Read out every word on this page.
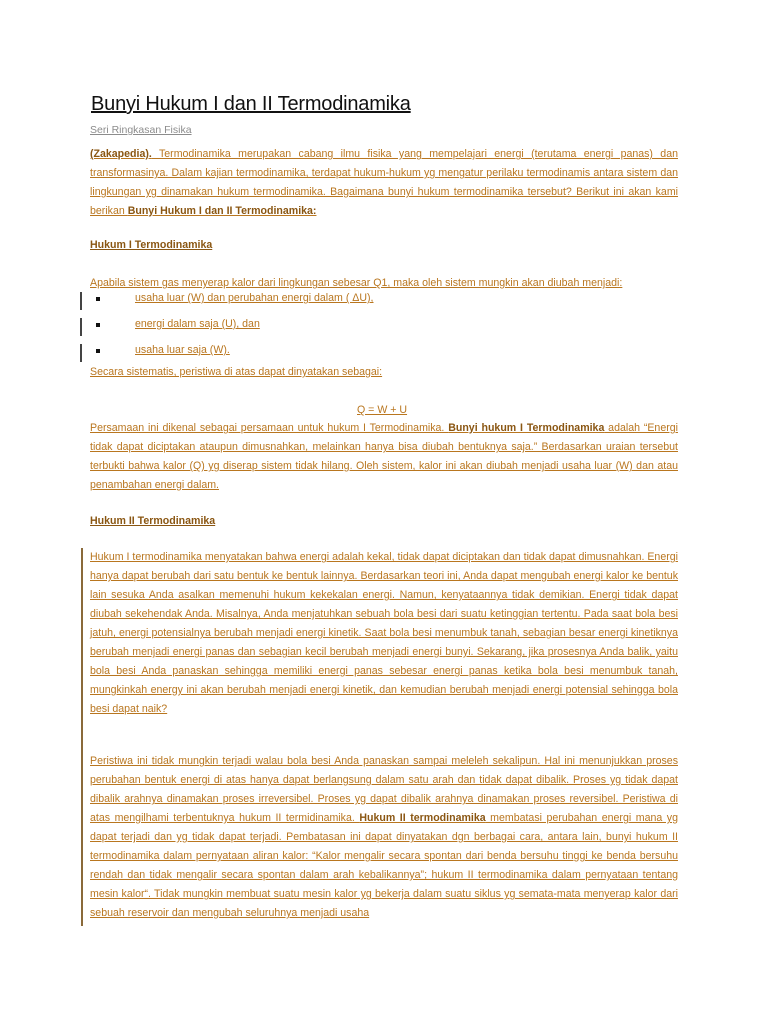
Bunyi Hukum I dan II Termodinamika
Seri Ringkasan Fisika

(Zakapedia). Termodinamika merupakan cabang ilmu fisika yang mempelajari energi (terutama energi panas) dan transformasinya. Dalam kajian termodinamika, terdapat hukum-hukum yg mengatur perilaku termodinamis antara sistem dan lingkungan yg dinamakan hukum termodinamika. Bagaimana bunyi hukum termodinamika tersebut? Berikut ini akan kami berikan Bunyi Hukum I dan II Termodinamika:

Hukum I Termodinamika
Apabila sistem gas menyerap kalor dari lingkungan sebesar Q1, maka oleh sistem mungkin akan diubah menjadi:
usaha luar (W) dan perubahan energi dalam ( ΔU),
energi dalam saja (U), dan
usaha luar saja (W).
Secara sistematis, peristiwa di atas dapat dinyatakan sebagai:
Q = W + U

Persamaan ini dikenal sebagai persamaan untuk hukum I Termodinamika. Bunyi hukum I Termodinamika adalah “Energi tidak dapat diciptakan ataupun dimusnahkan, melainkan hanya bisa diubah bentuknya saja.” Berdasarkan uraian tersebut terbukti bahwa kalor (Q) yg diserap sistem tidak hilang. Oleh sistem, kalor ini akan diubah menjadi usaha luar (W) dan atau penambahan energi dalam.

Hukum II Termodinamika

Hukum I termodinamika menyatakan bahwa energi adalah kekal, tidak dapat diciptakan dan tidak dapat dimusnahkan. Energi hanya dapat berubah dari satu bentuk ke bentuk lainnya. Berdasarkan teori ini, Anda dapat mengubah energi kalor ke bentuk lain sesuka Anda asalkan memenuhi hukum kekekalan energi. Namun, kenyataannya tidak demikian. Energi tidak dapat diubah sekehendak Anda. Misalnya, Anda menjatuhkan sebuah bola besi dari suatu ketinggian tertentu. Pada saat bola besi jatuh, energi potensialnya berubah menjadi energi kinetik. Saat bola besi menumbuk tanah, sebagian besar energi kinetiknya berubah menjadi energi panas dan sebagian kecil berubah menjadi energi bunyi. Sekarang, jika prosesnya Anda balik, yaitu bola besi Anda panaskan sehingga memiliki energi panas sebesar energi panas ketika bola besi menumbuk tanah, mungkinkah energy ini akan berubah menjadi energi kinetik, dan kemudian berubah menjadi energi potensial sehingga bola besi dapat naik?

Peristiwa ini tidak mungkin terjadi walau bola besi Anda panaskan sampai meleleh sekalipun. Hal ini menunjukkan proses perubahan bentuk energi di atas hanya dapat berlangsung dalam satu arah dan tidak dapat dibalik. Proses yg tidak dapat dibalik arahnya dinamakan proses irreversibel. Proses yg dapat dibalik arahnya dinamakan proses reversibel. Peristiwa di atas mengilhami terbentuknya hukum II termidinamika. Hukum II termodinamika membatasi perubahan energi mana yg dapat terjadi dan yg tidak dapat terjadi. Pembatasan ini dapat dinyatakan dgn berbagai cara, antara lain, bunyi hukum II termodinamika dalam pernyataan aliran kalor: “Kalor mengalir secara spontan dari benda bersuhu tinggi ke benda bersuhu rendah dan tidak mengalir secara spontan dalam arah kebalikannya”; hukum II termodinamika dalam pernyataan tentang mesin kalor“. Tidak mungkin membuat suatu mesin kalor yg bekerja dalam suatu siklus yg semata-mata menyerap kalor dari sebuah reservoir dan mengubah seluruhnya menjadi usaha
